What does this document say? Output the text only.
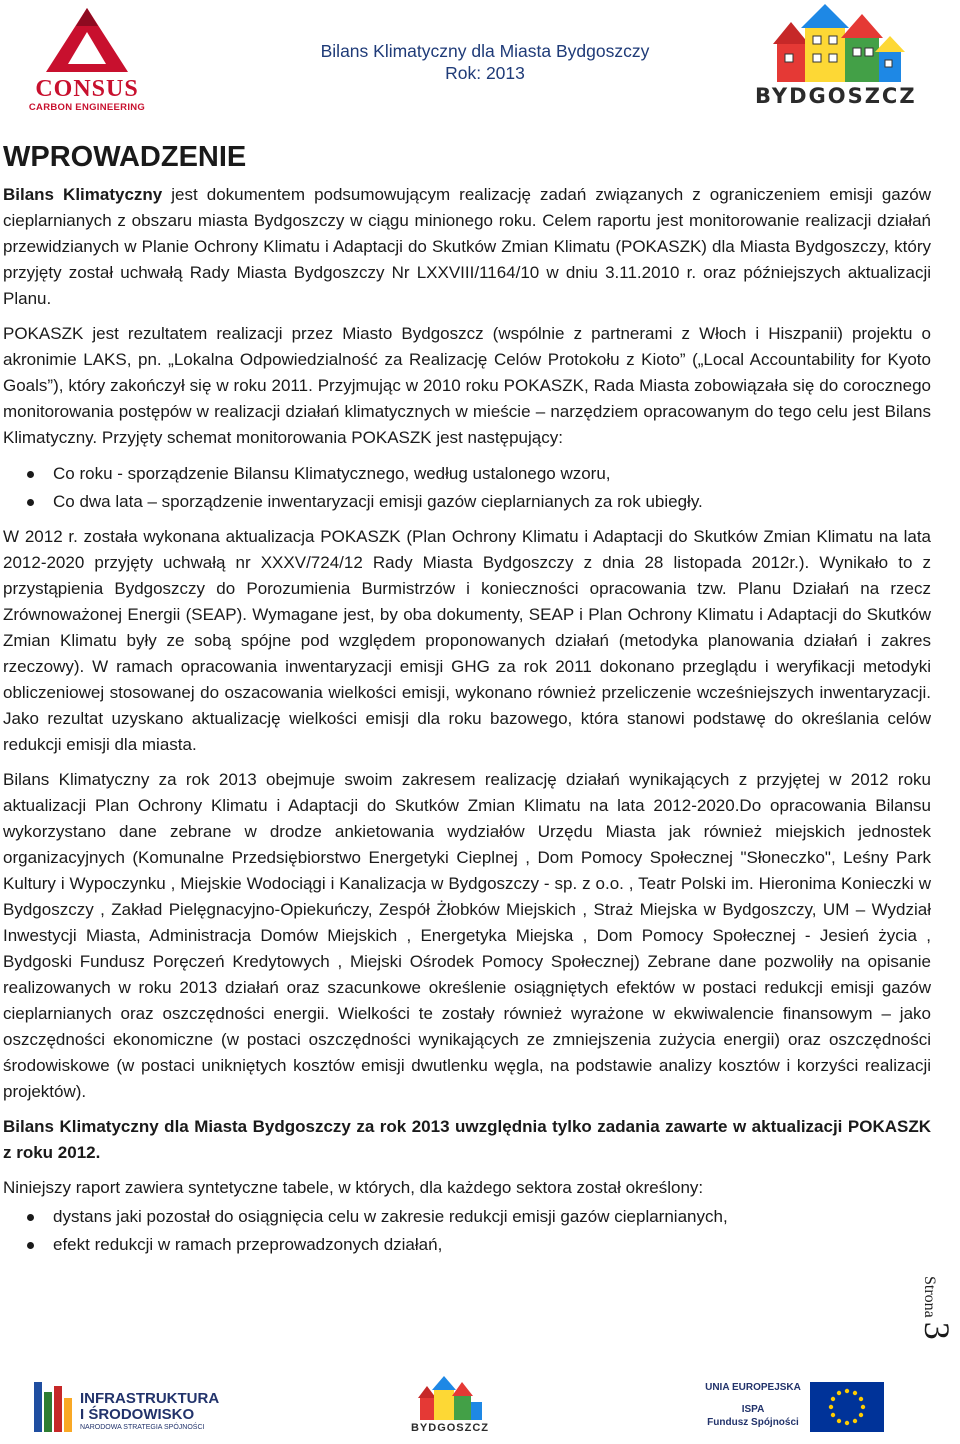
CONSUS
CARBON ENGINEERING
Bilans Klimatyczny dla Miasta Bydgoszczy
Rok: 2013
BYDGOSZCZ
WPROWADZENIE

Bilans Klimatyczny jest dokumentem podsumowującym realizację zadań związanych z ograniczeniem emisji gazów cieplarnianych z obszaru miasta Bydgoszczy w ciągu minionego roku. Celem raportu jest monitorowanie realizacji działań przewidzianych w Planie Ochrony Klimatu i Adaptacji do Skutków Zmian Klimatu (POKASZK) dla Miasta Bydgoszczy, który przyjęty został uchwałą Rady Miasta Bydgoszczy Nr LXXVIII/1164/10 w dniu 3.11.2010 r. oraz późniejszych aktualizacji Planu.

POKASZK jest rezultatem realizacji przez Miasto Bydgoszcz (wspólnie z partnerami z Włoch i Hiszpanii) projektu o akronimie LAKS, pn. „Lokalna Odpowiedzialność za Realizację Celów Protokołu z Kioto” („Local Accountability for Kyoto Goals”), który zakończył się w roku 2011. Przyjmując w 2010 roku POKASZK, Rada Miasta zobowiązała się do corocznego monitorowania postępów w realizacji działań klimatycznych w mieście – narzędziem opracowanym do tego celu jest Bilans Klimatyczny. Przyjęty schemat monitorowania POKASZK jest następujący:

Co roku - sporządzenie Bilansu Klimatycznego, według ustalonego wzoru,
Co dwa lata – sporządzenie inwentaryzacji emisji gazów cieplarnianych za rok ubiegły.

W 2012 r. została wykonana aktualizacja POKASZK (Plan Ochrony Klimatu i Adaptacji do Skutków Zmian Klimatu na lata 2012-2020 przyjęty uchwałą nr XXXV/724/12 Rady Miasta Bydgoszczy z dnia 28 listopada 2012r.). Wynikało to z przystąpienia Bydgoszczy do Porozumienia Burmistrzów i konieczności opracowania tzw. Planu Działań na rzecz Zrównoważonej Energii (SEAP). Wymagane jest, by oba dokumenty, SEAP i Plan Ochrony Klimatu i Adaptacji do Skutków Zmian Klimatu były ze sobą spójne pod względem proponowanych działań (metodyka planowania działań i zakres rzeczowy). W ramach opracowania inwentaryzacji emisji GHG za rok 2011 dokonano przeglądu i weryfikacji metodyki obliczeniowej stosowanej do oszacowania wielkości emisji, wykonano również przeliczenie wcześniejszych inwentaryzacji. Jako rezultat uzyskano aktualizację wielkości emisji dla roku bazowego, która stanowi podstawę do określania celów redukcji emisji dla miasta.

Bilans Klimatyczny za rok 2013 obejmuje swoim zakresem realizację działań wynikających z przyjętej w 2012 roku aktualizacji Plan Ochrony Klimatu i Adaptacji do Skutków Zmian Klimatu na lata 2012-2020.Do opracowania Bilansu wykorzystano dane zebrane w drodze ankietowania wydziałów Urzędu Miasta jak również miejskich jednostek organizacyjnych (Komunalne Przedsiębiorstwo Energetyki Cieplnej , Dom Pomocy Społecznej "Słoneczko", Leśny Park Kultury i Wypoczynku , Miejskie Wodociągi i Kanalizacja w Bydgoszczy - sp. z o.o. , Teatr Polski im. Hieronima Konieczki w Bydgoszczy , Zakład Pielęgnacyjno-Opiekuńczy, Zespół Żłobków Miejskich , Straż Miejska w Bydgoszczy, UM – Wydział Inwestycji Miasta, Administracja Domów Miejskich , Energetyka Miejska , Dom Pomocy Społecznej - Jesień życia , Bydgoski Fundusz Poręczeń Kredytowych , Miejski Ośrodek Pomocy Społecznej) Zebrane dane pozwoliły na opisanie realizowanych w roku 2013 działań oraz szacunkowe określenie osiągniętych efektów w postaci redukcji emisji gazów cieplarnianych oraz oszczędności energii. Wielkości te zostały również wyrażone w ekwiwalencie finansowym – jako oszczędności ekonomiczne (w postaci oszczędności wynikających ze zmniejszenia zużycia energii) oraz oszczędności środowiskowe (w postaci unikniętych kosztów emisji dwutlenku węgla, na podstawie analizy kosztów i korzyści realizacji projektów).

Bilans Klimatyczny dla Miasta Bydgoszczy za rok 2013 uwzględnia tylko zadania zawarte w aktualizacji POKASZK z roku 2012.

Niniejszy raport zawiera syntetyczne tabele, w których, dla każdego sektora został określony:

dystans jaki pozostał do osiągnięcia celu w zakresie redukcji emisji gazów cieplarnianych,
efekt redukcji w ramach przeprowadzonych działań,
Strona 3
INFRASTRUKTURA
I ŚRODOWISKO
NARODOWA STRATEGIA SPÓJNOŚCI	BYDGOSZCZ
UNIA EUROPEJSKA
ISPA
Fundusz Spójności
